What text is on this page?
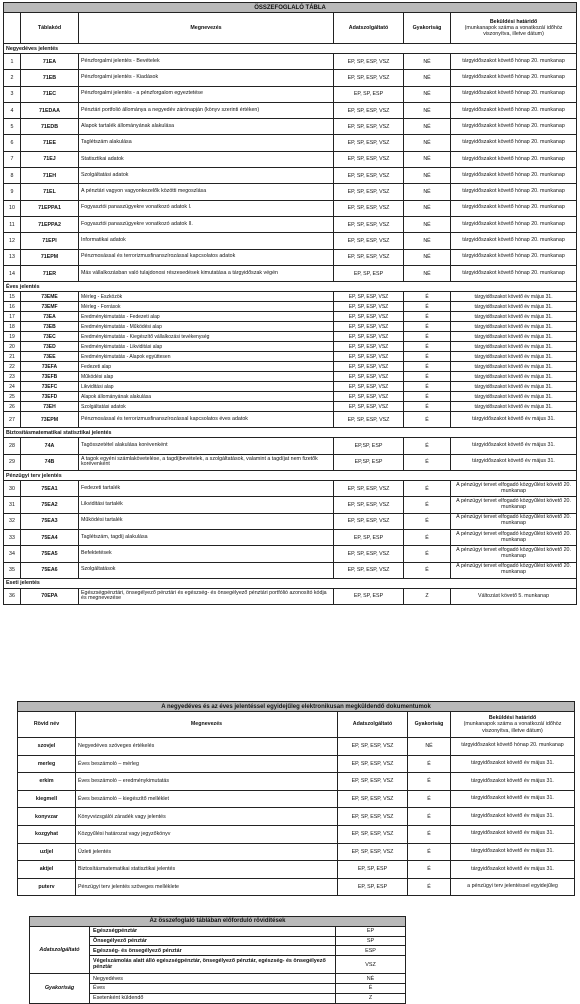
ÖSSZEFOGLALÓ TÁBLA					
	Táblakód	Megnevezés	Adatszolgáltató	Gyakoriság	Beküldési határidő
(munkanapok száma a vonatkozáí időhöz viszonyítva, illetve dátum)

Negyedéves jelentés					
1	71EA	Pénzforgalmi jelentés - Bevételek	EP, SP, ESP, VSZ	NÉ	tárgyidőszakot követő hónap 20. munkanap
2	71EB	Pénzforgalmi jelentés - Kiadások	EP, SP, ESP, VSZ	NÉ	tárgyidőszakot követő hónap 20. munkanap
3	71EC	Pénzforgalmi jelentés - a pénzforgalom egyeztetése	EP, SP, ESP	NÉ	tárgyidőszakot követő hónap 20. munkanap
4	71EDAA	Pénztári portfolió állománya a negyedév zárónapján (könyv szerinti értéken)	EP, SP, ESP, VSZ	NÉ	tárgyidőszakot követő hónap 20. munkanap
5	71EDB	Alapok tartalék állományának alakulása	EP, SP, ESP, VSZ	NÉ	tárgyidőszakot követő hónap 20. munkanap
6	71EE	Taglétszám alakulása	EP, SP, ESP, VSZ	NÉ	tárgyidőszakot követő hónap 20. munkanap
7	71EJ	Statisztikai adatok	EP, SP, ESP, VSZ	NÉ	tárgyidőszakot követő hónap 20. munkanap
8	71EH	Szolgáltatási adatok	EP, SP, ESP, VSZ	NÉ	tárgyidőszakot követő hónap 20. munkanap
9	71EL	A pénztári vagyon vagyonkezelők közötti megoszlása	EP, SP, ESP, VSZ	NÉ	tárgyidőszakot követő hónap 20. munkanap
10	71EPPA1	Fogyasztói panaszügyekre vonatkozó adatok I.	EP, SP, ESP, VSZ	NÉ	tárgyidőszakot követő hónap 20. munkanap
11	71EPPA2	Fogyasztói panaszügyekre vonatkozó adatok II.	EP, SP, ESP, VSZ	NÉ	tárgyidőszakot követő hónap 20. munkanap
12	71EPI	Informatikai adatok	EP, SP, ESP, VSZ	NÉ	tárgyidőszakot követő hónap 20. munkanap
13	71EPM	Pénzmosással és terrorizmusfinanszírozással kapcsolatos adatok	EP, SP, ESP, VSZ	NÉ	tárgyidőszakot követő hónap 20. munkanap
14	71ER	Más vállalkozásban való tulajdonosi részesedések kimutatása a tárgyidőszak végén	EP, SP, ESP	NÉ	tárgyidőszakot követő hónap 20. munkanap
Éves jelentés					
15	73EME	Mérleg - Eszközök	EP, SP, ESP, VSZ	É	tárgyidőszakot követő év május 31.
16	73EMF	Mérleg - Források	EP, SP, ESP, VSZ	É	tárgyidőszakot követő év május 31.
17	73EA	Eredménykimutatás - Fedezeti alap	EP, SP, ESP, VSZ	É	tárgyidőszakot követő év május 31.
18	73EB	Eredménykimutatás - Működési alap	EP, SP, ESP, VSZ	É	tárgyidőszakot követő év május 31.
19	73EC	Eredménykimutatás - Kiegészítő vállalkozási tevékenység	EP, SP, ESP, VSZ	É	tárgyidőszakot követő év május 31.
20	73ED	Eredménykimutatás - Likviditási alap	EP, SP, ESP, VSZ	É	tárgyidőszakot követő év május 31.
21	73EE	Eredménykimutatás - Alapok együttesen	EP, SP, ESP, VSZ	É	tárgyidőszakot követő év május 31.
22	73EFA	Fedezeti alap	EP, SP, ESP, VSZ	É	tárgyidőszakot követő év május 31.
23	73EFB	Működési alap	EP, SP, ESP, VSZ	É	tárgyidőszakot követő év május 31.
24	73EFC	Likviditási alap	EP, SP, ESP, VSZ	É	tárgyidőszakot követő év május 31.
25	73EFD	Alapok állományának alakulása	EP, SP, ESP, VSZ	É	tárgyidőszakot követő év május 31.
26	73EH	Szolgáltatási adatok	EP, SP, ESP, VSZ	É	tárgyidőszakot követő év május 31.
27	73EPM	Pénzmosással és terrorizmusfinanszírozással kapcsolatos éves adatok	EP, SP, ESP, VSZ	É	tárgyidőszakot követő év május 31.
Biztosításmatematikai statisztikai jelentés					
28	74A	Tagösszetétel alakulása korévenként	EP,SP, ESP	É	tárgyidőszakot követő év május 31.
29	74B	A tagok egyéni számlakövetelése, a tagdíjbevételek, a szolgáltatások, valamint a tagdíjat nem fizetők korévenként	EP,SP, ESP	É	tárgyidőszakot követő év május 31.
Pénzügyi terv jelentés					
30	75EA1	Fedezeti tartalék	EP, SP, ESP, VSZ	É	A pénzügyi tervet elfogadó közgyűlést követő 20. munkanap
31	75EA2	Likviditási tartalék	EP, SP, ESP, VSZ	É	A pénzügyi tervet elfogadó közgyűlést követő 20. munkanap
32	75EA3	Működési tartalék	EP, SP, ESP, VSZ	É	A pénzügyi tervet elfogadó közgyűlést követő 20. munkanap
33	75EA4	Taglétszám, tagdíj alakulása	EP, SP, ESP	É	A pénzügyi tervet elfogadó közgyűlést követő 20. munkanap
34	75EA5	Befektetések	EP, SP, ESP, VSZ	É	A pénzügyi tervet elfogadó közgyűlést követő 20. munkanap
35	75EA6	Szolgáltatások	EP, SP, ESP, VSZ	É	A pénzügyi tervet elfogadó közgyűlést követő 20. munkanap
Eseti jelentés					
36	70EPA	Egészségpénztári, önsegélyező pénztári és egészség- és önsegélyező pénztári portfólió azonosító kódja és megnevezése	EP, SP, ESP	Z	Változást követő 5. munkanap
A negyedéves és az éves jelentéssel egyidejűleg elektronikusan megküldendő dokumentumok				
Rövid név	Megnevezés	Adatszolgáltató	Gyakoriság	Beküldési határidő
(munkanapok száma a vonatkozáí időhöz viszonyítva, illetve dátum)

szovjel	Negyedéves szöveges értékelés	EP, SP, ESP, VSZ	NÉ	tárgyidőszakot követő hónap 20. munkanap
merleg	Éves beszámoló – mérleg	EP, SP, ESP, VSZ	É	tárgyidőszakot követő év május 31.
erkim	Éves beszámoló – eredménykimutatás	EP, SP, ESP, VSZ	É	tárgyidőszakot követő év május 31.
kiegmell	Éves beszámoló – kiegészítő melléklet	EP, SP, ESP, VSZ	É	tárgyidőszakot követő év május 31.
konyvzar	Könyvvizsgálói záradék vagy jelentés	EP, SP, ESP, VSZ	É	tárgyidőszakot követő év május 31.
kozgyhat	Közgyűlési határozat vagy jegyzőkönyv	EP, SP, ESP, VSZ	É	tárgyidőszakot követő év május 31.
uzljel	Üzleti jelentés	EP, SP, ESP, VSZ	É	tárgyidőszakot követő év május 31.
aktjel	Biztosításmatematikai statisztikai jelentés	EP, SP, ESP	É	tárgyidőszakot követő év május 31.
puterv	Pénzügyi terv jelentés szöveges melléklete	EP, SP, ESP	É	a pénzügyi terv jelentéssel egyidejűleg
Az összefoglaló táblában előforduló rövidítések		
Adatszolgáltató	Egészségpénztár	EP
	Önsegélyező pénztár	SP
	Egészség- és önsegélyező pénztár	ESP
	Végelszámolás alatt álló egészségpénztár, önsegélyező pénztár, egészség- és önsegélyező pénztár	VSZ
Gyakoriság	Negyedéves	NÉ
	Éves	É
	Esetenként küldendő	Z
